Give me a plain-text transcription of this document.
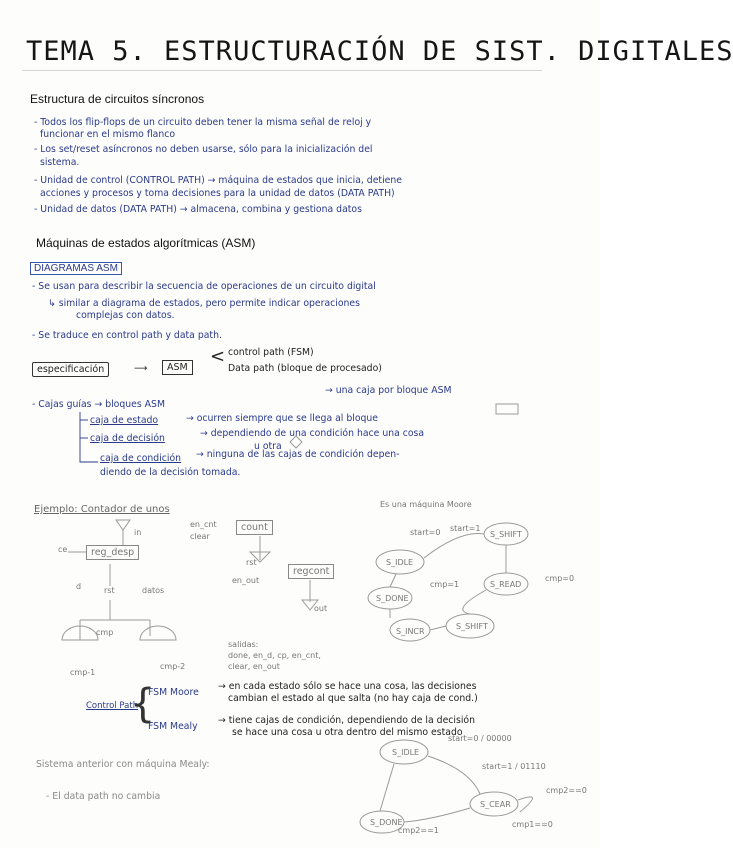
TEMA 5. ESTRUCTURACIÓN DE SIST. DIGITALES
Estructura de circuitos síncronos
- Todos los flip-flops de un circuito deben tener la misma señal de reloj y
funcionar en el mismo flanco
- Los set/reset asíncronos no deben usarse, sólo para la inicialización del
sistema.
- Unidad de control (CONTROL PATH) → máquina de estados que inicia, detiene
acciones y procesos y toma decisiones para la unidad de datos (DATA PATH)
- Unidad de datos (DATA PATH) → almacena, combina y gestiona datos
Máquinas de estados algorítmicas (ASM)
DIAGRAMAS ASM
- Se usan para describir la secuencia de operaciones de un circuito digital
↳ similar a diagrama de estados, pero permite indicar operaciones
complejas con datos.
- Se traduce en control path y data path.
especificación	⟶	ASM
< control path (FSM)
Data path (bloque de procesado)
- Cajas guías → bloques ASM
→ una caja por bloque ASM
caja de estado	→ ocurren siempre que se llega al bloque
caja de decisión	→ dependiendo de una condición hace una cosa
u otra
caja de condición → ninguna de las cajas de condición depen-
diendo de la decisión tomada.
Ejemplo: Contador de unos
reg_desp
count
regcont
in
ce
d	rst	datos
en_cnt
clear
rst
en_out
out
cmp
cmp-1
cmp-2
salidas:
done, en_d, cp, en_cnt,
clear, en_out
Es una máquina Moore
S_IDLE
S_SHIFT
S_READ
S_DONE
S_INCR
S_SHIFT
start=0 start=1
cmp=1
cmp=0
Control Path
{
FSM Moore
→ en cada estado sólo se hace una cosa, las decisiones
cambian el estado al que salta (no hay caja de cond.)
FSM Mealy
→ tiene cajas de condición, dependiendo de la decisión
se hace una cosa u otra dentro del mismo estado
Sistema anterior con máquina Mealy:
- El data path no cambia
S_IDLE
S_CEAR
S_DONE
start=0 / 00000
start=1 / 01110
cmp2==1
cmp2==0
cmp1==0
